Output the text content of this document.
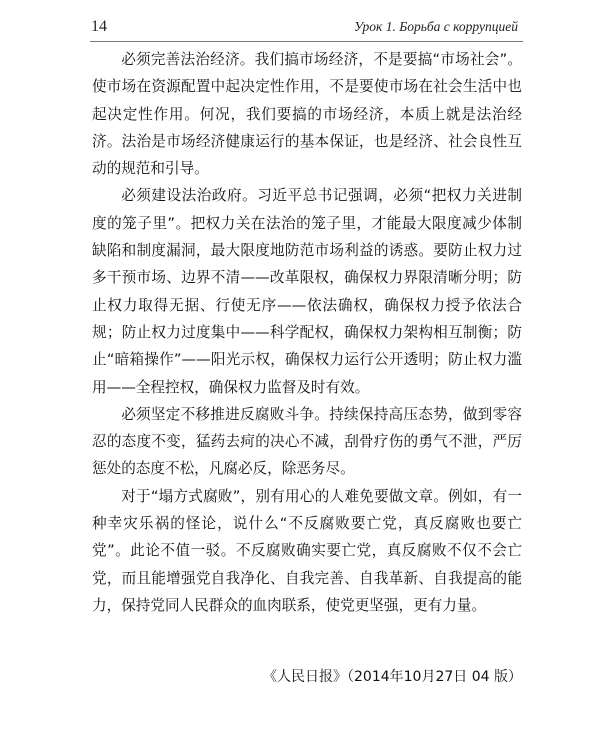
14	Урок 1. Борьба с коррупцией

必须完善法治经济。我们搞市场经济，不是要搞“市场社会”。使市场在资源配置中起决定性作用，不是要使市场在社会生活中也起决定性作用。何况，我们要搞的市场经济，本质上就是法治经济。法治是市场经济健康运行的基本保证，也是经济、社会良性互动的规范和引导。

必须建设法治政府。习近平总书记强调，必须“把权力关进制度的笼子里”。把权力关在法治的笼子里，才能最大限度减少体制缺陷和制度漏洞，最大限度地防范市场利益的诱惑。要防止权力过多干预市场、边界不清——改革限权，确保权力界限清晰分明；防止权力取得无据、行使无序——依法确权，确保权力授予依法合规；防止权力过度集中——科学配权，确保权力架构相互制衡；防止“暗箱操作”——阳光示权，确保权力运行公开透明；防止权力滥用——全程控权，确保权力监督及时有效。

必须坚定不移推进反腐败斗争。持续保持高压态势，做到零容忍的态度不变，猛药去疴的决心不减，刮骨疗伤的勇气不泄，严厉惩处的态度不松，凡腐必反，除恶务尽。

对于“塌方式腐败”，别有用心的人难免要做文章。例如，有一种幸灾乐祸的怪论，说什么“不反腐败要亡党，真反腐败也要亡党”。此论不值一驳。不反腐败确实要亡党，真反腐败不仅不会亡党，而且能增强党自我净化、自我完善、自我革新、自我提高的能力，保持党同人民群众的血肉联系，使党更坚强，更有力量。

《人民日报》（2014年10月27日 04 版）
